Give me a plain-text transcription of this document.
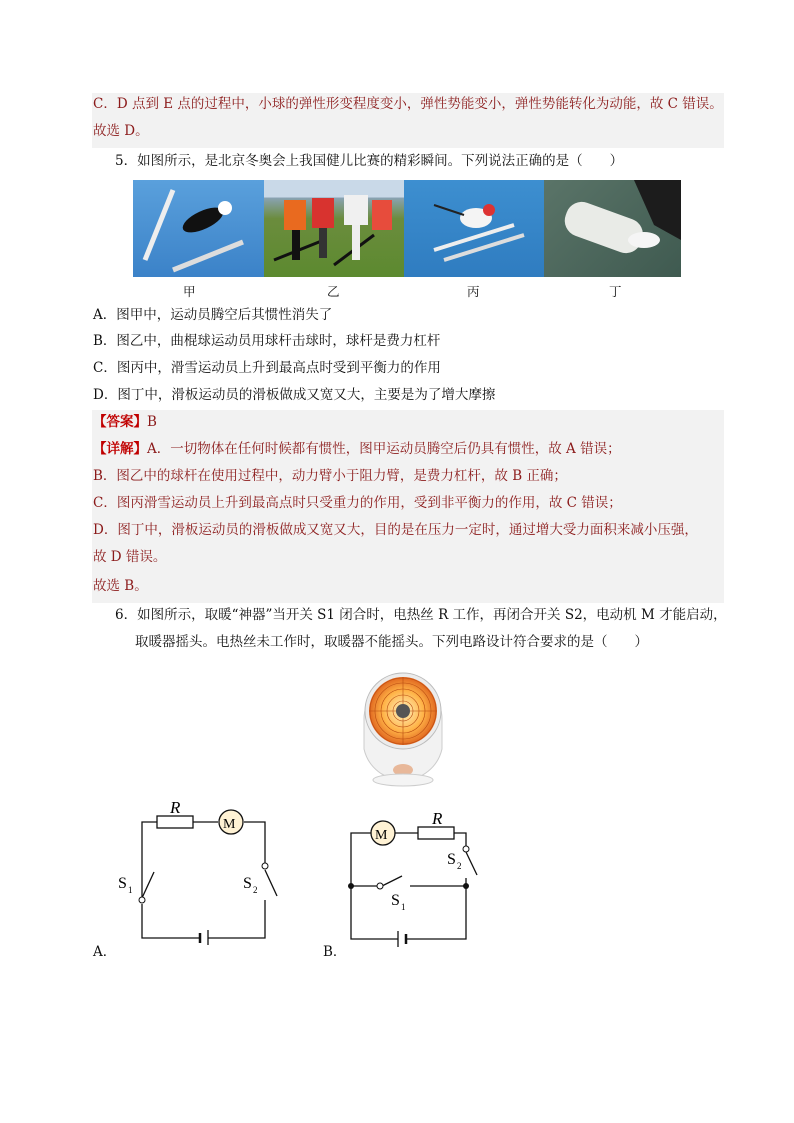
C．D 点到 E 点的过程中，小球的弹性形变程度变小，弹性势能变小，弹性势能转化为动能，故 C 错误。
故选 D。
5．如图所示，是北京冬奥会上我国健儿比赛的精彩瞬间。下列说法正确的是（　　）
甲	乙	丙	丁
A．图甲中，运动员腾空后其惯性消失了
B．图乙中，曲棍球运动员用球杆击球时，球杆是费力杠杆
C．图丙中，滑雪运动员上升到最高点时受到平衡力的作用
D．图丁中，滑板运动员的滑板做成又宽又大，主要是为了增大摩擦
【答案】B
【详解】A．一切物体在任何时候都有惯性，图甲运动员腾空后仍具有惯性，故 A 错误；
B．图乙中的球杆在使用过程中，动力臂小于阻力臂，是费力杠杆，故 B 正确；
C．图丙滑雪运动员上升到最高点时只受重力的作用，受到非平衡力的作用，故 C 错误；
D．图丁中，滑板运动员的滑板做成又宽又大，目的是在压力一定时，通过增大受力面积来减小压强，
故 D 错误。
故选 B。
6．如图所示，取暖“神器”当开关 S1 闭合时，电热丝 R 工作，再闭合开关 S2，电动机 M 才能启动，
取暖器摇头。电热丝未工作时，取暖器不能摇头。下列电路设计符合要求的是（　　）
R
M
S 1	S 2
A．
R
M
S 2
S 1
B．
